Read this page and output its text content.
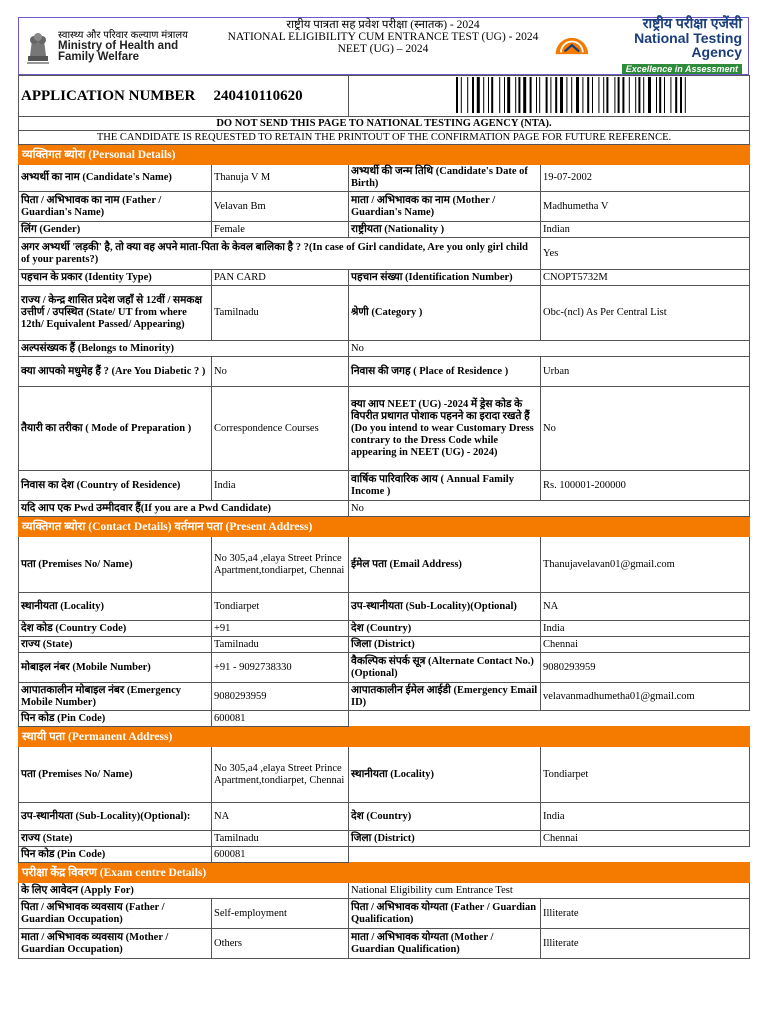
स्वास्थ्य और परिवार कल्याण मंत्रालय
Ministry of Health and
Family Welfare
राष्ट्रीय पात्रता सह प्रवेश परीक्षा (स्नातक) - 2024
NATIONAL ELIGIBILITY CUM ENTRANCE TEST (UG) - 2024
NEET (UG) – 2024
राष्ट्रीय परीक्षा एजेंसी
National Testing Agency
Excellence in Assessment
APPLICATION NUMBER	240410110620	
DO NOT SEND THIS PAGE TO NATIONAL TESTING AGENCY (NTA).			
THE CANDIDATE IS REQUESTED TO RETAIN THE PRINTOUT OF THE CONFIRMATION PAGE FOR FUTURE REFERENCE.			
व्यक्तिगत ब्योरा (Personal Details)			
अभ्यर्थी का नाम (Candidate's Name)	Thanuja V M	अभ्यर्थी की जन्म तिथि (Candidate's Date of Birth)	19-07-2002
पिता / अभिभावक का नाम (Father / Guardian's Name)	Velavan Bm	माता / अभिभावक का नाम (Mother / Guardian's Name)	Madhumetha V
लिंग (Gender)	Female	राष्ट्रीयता (Nationality )	Indian
अगर अभ्यर्थी 'लड़की' है, तो क्या वह अपने माता-पिता के केवल बालिका है ? ?(In case of Girl candidate, Are you only girl child of your parents?)			Yes
पहचान के प्रकार (Identity Type)	PAN CARD	पहचान संख्या (Identification Number)	CNOPT5732M
राज्य / केन्द्र शासित प्रदेश जहाँ से 12वीं / समकक्ष उत्तीर्ण / उपस्थित (State/ UT from where 12th/ Equivalent Passed/ Appearing)	Tamilnadu	श्रेणी (Category )	Obc-(ncl) As Per Central List
अल्पसंख्यक हैं (Belongs to Minority)		No	
क्या आपको मधुमेह हैं ? (Are You Diabetic ? )	No	निवास की जगह ( Place of Residence )	Urban
तैयारी का तरीका ( Mode of Preparation )	Correspondence Courses	क्या आप NEET (UG) -2024 में ड्रेस कोड के विपरीत प्रथागत पोशाक पहनने का इरादा रखते हैं (Do you intend to wear Customary Dress contrary to the Dress Code while appearing in NEET (UG) - 2024)	No
निवास का देश (Country of Residence)	India	वार्षिक पारिवारिक आय ( Annual Family Income )	Rs. 100001-200000
यदि आप एक Pwd उम्मीदवार हैं(If you are a Pwd Candidate)		No	
व्यक्तिगत ब्योरा (Contact Details) वर्तमान पता (Present Address)			
पता (Premises No/ Name)	No 305,a4 ,elaya Street Prince Apartment,tondiarpet, Chennai	ईमेल पता (Email Address)	Thanujavelavan01@gmail.com
स्थानीयता (Locality)	Tondiarpet	उप-स्थानीयता (Sub-Locality)(Optional)	NA
देश कोड (Country Code)	+91	देश (Country)	India
राज्य (State)	Tamilnadu	जिला (District)	Chennai
मोबाइल नंबर (Mobile Number)	+91 - 9092738330	वैकल्पिक संपर्क सूत्र (Alternate Contact No.) (Optional)	9080293959
आपातकालीन मोबाइल नंबर (Emergency Mobile Number)	9080293959	आपातकालीन ईमेल आईडी (Emergency Email ID)	velavanmadhumetha01@gmail.com
पिन कोड (Pin Code)	600081		
स्थायी पता (Permanent Address)			
पता (Premises No/ Name)	No 305,a4 ,elaya Street Prince Apartment,tondiarpet, Chennai	स्थानीयता (Locality)	Tondiarpet
उप-स्थानीयता (Sub-Locality)(Optional):	NA	देश (Country)	India
राज्य (State)	Tamilnadu	जिला (District)	Chennai
पिन कोड (Pin Code)	600081		
परीक्षा केंद्र विवरण (Exam centre Details)			
के लिए आवेदन (Apply For)		National Eligibility cum Entrance Test	
पिता / अभिभावक व्यवसाय (Father / Guardian Occupation)	Self-employment	पिता / अभिभावक योग्यता (Father / Guardian Qualification)	Illiterate
माता / अभिभावक व्यवसाय (Mother / Guardian Occupation)	Others	माता / अभिभावक योग्यता (Mother / Guardian Qualification)	Illiterate
